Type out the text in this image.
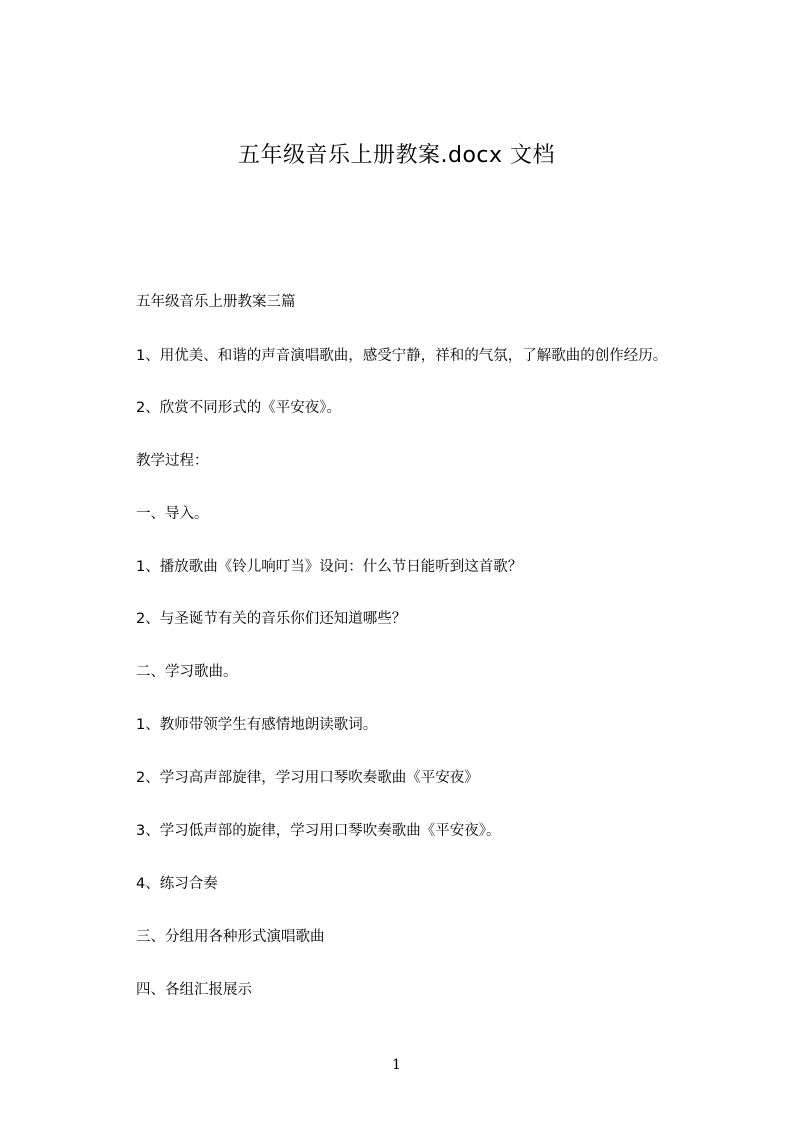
五年级音乐上册教案.docx 文档
五年级音乐上册教案三篇
1、用优美、和谐的声音演唱歌曲，感受宁静，祥和的气氛，了解歌曲的创作经历。
2、欣赏不同形式的《平安夜》。
教学过程：
一、导入。
1、播放歌曲《铃儿响叮当》设问：什么节日能听到这首歌？
2、与圣诞节有关的音乐你们还知道哪些？
二、学习歌曲。
1、教师带领学生有感情地朗读歌词。
2、学习高声部旋律，学习用口琴吹奏歌曲《平安夜》
3、学习低声部的旋律，学习用口琴吹奏歌曲《平安夜》。
4、练习合奏
三、分组用各种形式演唱歌曲
四、各组汇报展示
1
